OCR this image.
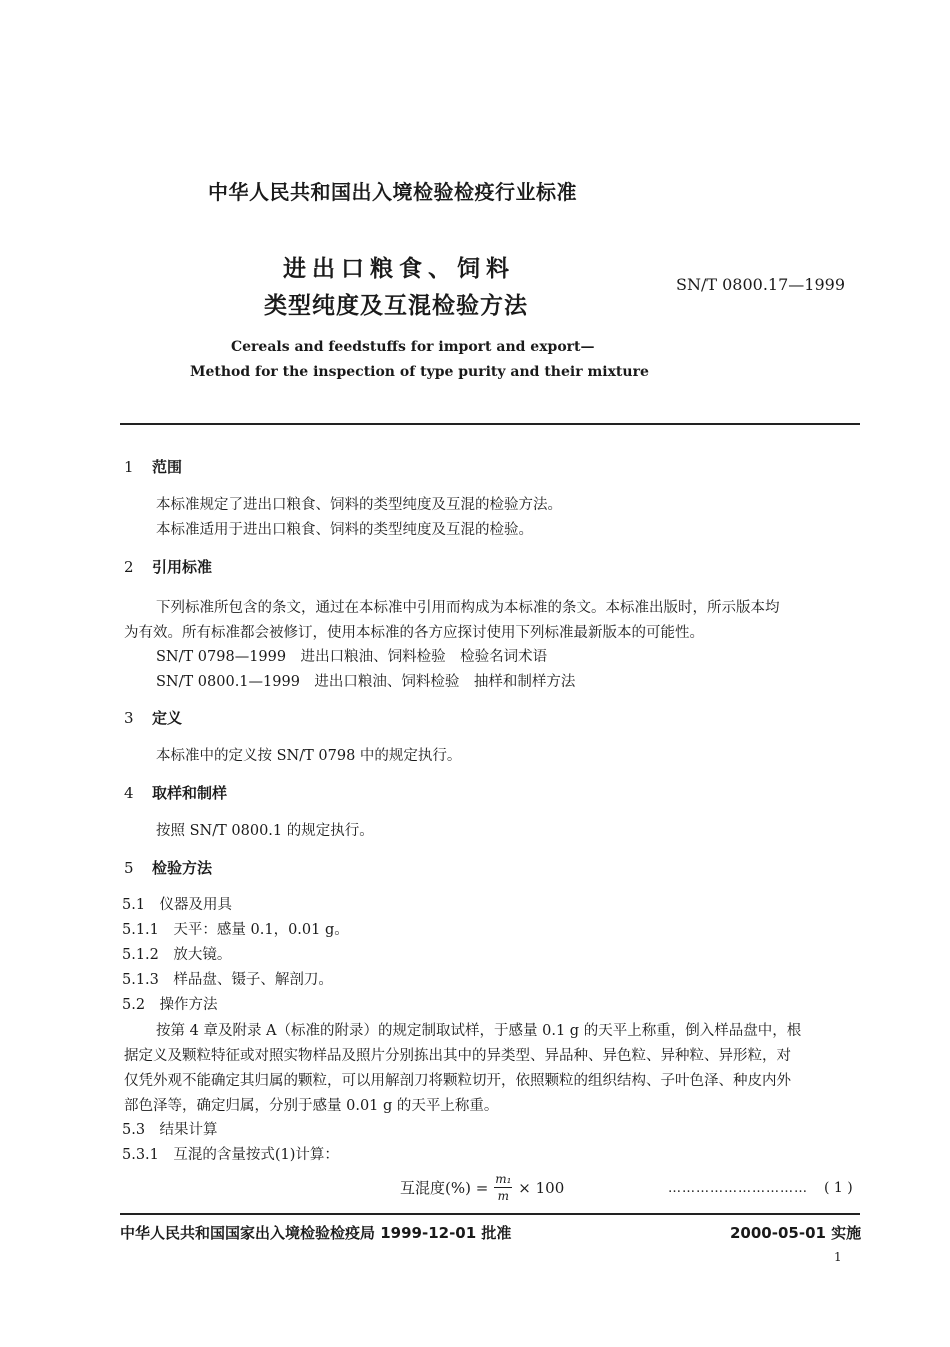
中华人民共和国出入境检验检疫行业标准
进出口粮食、饲料
类型纯度及互混检验方法
SN/T 0800.17—1999
Cereals and feedstuffs for import and export—
Method for the inspection of type purity and their mixture
1 范围
本标准规定了进出口粮食、饲料的类型纯度及互混的检验方法。
本标准适用于进出口粮食、饲料的类型纯度及互混的检验。
2 引用标准
下列标准所包含的条文，通过在本标准中引用而构成为本标准的条文。本标准出版时，所示版本均
为有效。所有标准都会被修订，使用本标准的各方应探讨使用下列标准最新版本的可能性。
SN/T 0798—1999　进出口粮油、饲料检验　检验名词术语
SN/T 0800.1—1999　进出口粮油、饲料检验　抽样和制样方法
3 定义
本标准中的定义按 SN/T 0798 中的规定执行。
4 取样和制样
按照 SN/T 0800.1 的规定执行。
5 检验方法
5.1　仪器及用具
5.1.1　天平：感量 0.1，0.01 g。
5.1.2　放大镜。
5.1.3　样品盘、镊子、解剖刀。
5.2　操作方法
按第 4 章及附录 A（标准的附录）的规定制取试样，于感量 0.1 g 的天平上称重，倒入样品盘中，根
据定义及颗粒特征或对照实物样品及照片分别拣出其中的异类型、异品种、异色粒、异种粒、异形粒，对
仅凭外观不能确定其归属的颗粒，可以用解剖刀将颗粒切开，依照颗粒的组织结构、子叶色泽、种皮内外
部色泽等，确定归属，分别于感量 0.01 g 的天平上称重。
5.3　结果计算
5.3.1　互混的含量按式(1)计算：
互混度(%) = $\frac{\text{m₁}}{m} \times 100$	………………………… ( 1 )
中华人民共和国国家出入境检验检疫局 1999-12-01 批准	2000-05-01 实施
1
